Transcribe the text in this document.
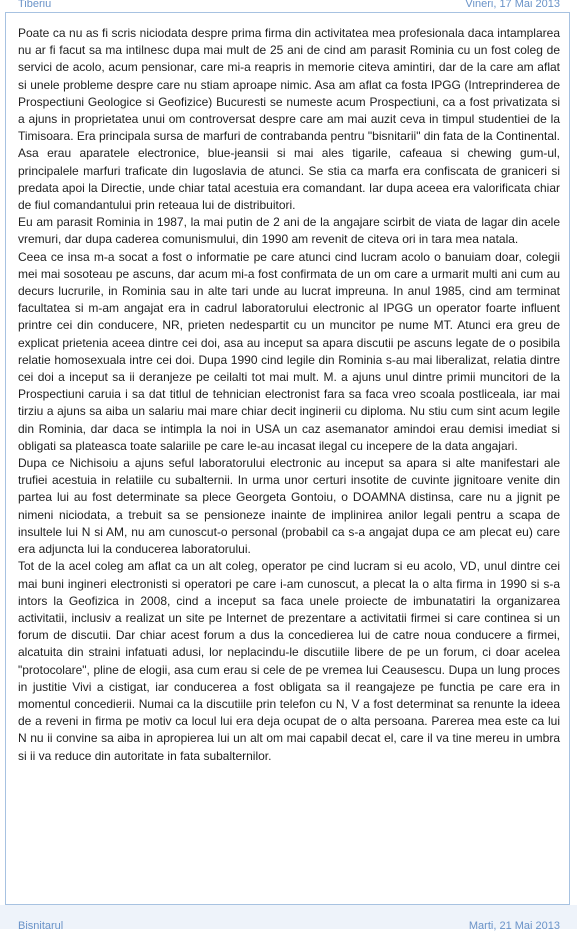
Tiberiu	Vineri, 17 Mai 2013

Poate ca nu as fi scris niciodata despre prima firma din activitatea mea profesionala daca intamplarea nu ar fi facut sa ma intilnesc dupa mai mult de 25 ani de cind am parasit Rominia cu un fost coleg de servici de acolo, acum pensionar, care mi-a reapris in memorie citeva amintiri, dar de la care am aflat si unele probleme despre care nu stiam aproape nimic. Asa am aflat ca fosta IPGG (Intreprinderea de Prospectiuni Geologice si Geofizice) Bucuresti se numeste acum Prospectiuni, ca a fost privatizata si a ajuns in proprietatea unui om controversat despre care am mai auzit ceva in timpul studentiei de la Timisoara. Era principala sursa de marfuri de contrabanda pentru "bisnitarii" din fata de la Continental. Asa erau aparatele electronice, blue-jeansii si mai ales tigarile, cafeaua si chewing gum-ul, principalele marfuri traficate din Iugoslavia de atunci. Se stia ca marfa era confiscata de graniceri si predata apoi la Directie, unde chiar tatal acestuia era comandant. Iar dupa aceea era valorificata chiar de fiul comandantului prin reteaua lui de distribuitori.

Eu am parasit Rominia in 1987, la mai putin de 2 ani de la angajare scirbit de viata de lagar din acele vremuri, dar dupa caderea comunismului, din 1990 am revenit de citeva ori in tara mea natala.

Ceea ce insa m-a socat a fost o informatie pe care atunci cind lucram acolo o banuiam doar, colegii mei mai sosoteau pe ascuns, dar acum mi-a fost confirmata de un om care a urmarit multi ani cum au decurs lucrurile, in Rominia sau in alte tari unde au lucrat impreuna. In anul 1985, cind am terminat facultatea si m-am angajat era in cadrul laboratorului electronic al IPGG un operator foarte influent printre cei din conducere, NR, prieten nedespartit cu un muncitor pe nume MT. Atunci era greu de explicat prietenia aceea dintre cei doi, asa au inceput sa apara discutii pe ascuns legate de o posibila relatie homosexuala intre cei doi. Dupa 1990 cind legile din Rominia s-au mai liberalizat, relatia dintre cei doi a inceput sa ii deranjeze pe ceilalti tot mai mult. M. a ajuns unul dintre primii muncitori de la Prospectiuni caruia i sa dat titlul de tehnician electronist fara sa faca vreo scoala postliceala, iar mai tirziu a ajuns sa aiba un salariu mai mare chiar decit inginerii cu diploma. Nu stiu cum sint acum legile din Rominia, dar daca se intimpla la noi in USA un caz asemanator amindoi erau demisi imediat si obligati sa plateasca toate salariile pe care le-au incasat ilegal cu incepere de la data angajari.

Dupa ce Nichisoiu a ajuns seful laboratorului electronic au inceput sa apara si alte manifestari ale trufiei acestuia in relatiile cu subalternii. In urma unor certuri insotite de cuvinte jignitoare venite din partea lui au fost determinate sa plece Georgeta Gontoiu, o DOAMNA distinsa, care nu a jignit pe nimeni niciodata, a trebuit sa se pensioneze inainte de implinirea anilor legali pentru a scapa de insultele lui N si AM, nu am cunoscut-o personal (probabil ca s-a angajat dupa ce am plecat eu) care era adjuncta lui la conducerea laboratorului.

Tot de la acel coleg am aflat ca un alt coleg, operator pe cind lucram si eu acolo, VD, unul dintre cei mai buni ingineri electronisti si operatori pe care i-am cunoscut, a plecat la o alta firma in 1990 si s-a intors la Geofizica in 2008, cind a inceput sa faca unele proiecte de imbunatatiri la organizarea activitatii, inclusiv a realizat un site pe Internet de prezentare a activitatii firmei si care continea si un forum de discutii. Dar chiar acest forum a dus la concedierea lui de catre noua conducere a firmei, alcatuita din straini infatuati adusi, lor neplacindu-le discutiile libere de pe un forum, ci doar acelea "protocolare", pline de elogii, asa cum erau si cele de pe vremea lui Ceausescu. Dupa un lung proces in justitie Vivi a cistigat, iar conducerea a fost obligata sa il reangajeze pe functia pe care era in momentul concedierii. Numai ca la discutiile prin telefon cu N, V a fost determinat sa renunte la ideea de a reveni in firma pe motiv ca locul lui era deja ocupat de o alta persoana. Parerea mea este ca lui N nu ii convine sa aiba in apropierea lui un alt om mai capabil decat el, care il va tine mereu in umbra si ii va reduce din autoritate in fata subalternilor.

Bisnitarul	Marti, 21 Mai 2013
